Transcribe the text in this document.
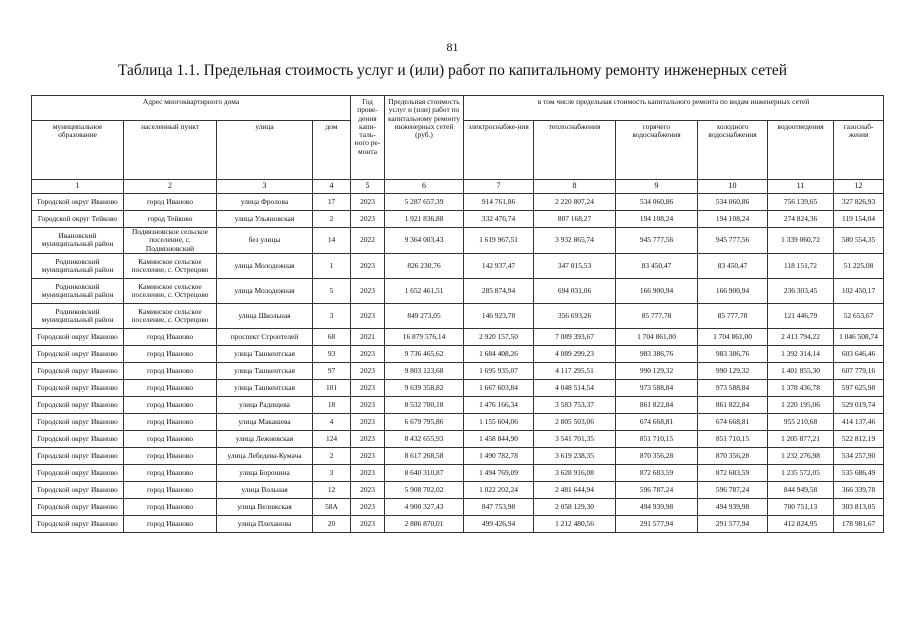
81
Таблица 1.1. Предельная стоимость услуг и (или) работ по капитальному ремонту инженерных сетей
Адрес многоквартирного дома				Год прове-дения капи-таль-ного ре-монта	Предельная стоимость услуг и (или) работ по капитальному ремонту инженерных сетей (руб.)	в том числе предельная стоимость капитального ремонта по видам инженерных сетей					
муниципальное образование	населенный пункт	улица	дом			электроснабже-ния	теплоснабжения	горячего водоснабжения	холодного водоснабжения	водоотведения	газоснаб-жения
1	2	3	4	5	6	7	8	9	10	11	12
Городской округ Иваново	город Иваново	улица Фролова	17	2023	5 287 657,39	914 761,86	2 220 807,24	534 060,86	534 060,86	756 139,65	327 826,93
Городской округ Тейково	город Тейково	улица Ульяновская	2	2023	1 921 836,88	332 476,74	807 168,27	194 108,24	194 108,24	274 824,36	119 154,04
Ивановский муниципальный район	Подвязновское сельское поселение, с. Подвязновский	без улицы	14	2022	9 364 003,43	1 619 967,51	3 932 865,74	945 777,56	945 777,56	1 339 060,72	580 554,35
Родниковский муниципальный район	Каминское сельское поселение, с. Острецово	улица Молодежная	1	2023	826 230,76	142 937,47	347 015,53	83 450,47	83 450,47	118 151,72	51 225,08
Родниковский муниципальный район	Каминское сельское поселение, с. Острецово	улица Молодежная	5	2023	1 652 461,51	285 874,94	694 031,06	166 900,94	166 900,94	236 303,45	102 450,17
Родниковский муниципальный район	Каминское сельское поселение, с. Острецово	улица Школьная	3	2023	849 273,05	146 923,78	356 693,26	85 777,78	85 777,78	121 446,79	52 653,67
Городской округ Иваново	город Иваново	проспект Строителей	68	2021	16 879 576,14	2 920 157,50	7 089 393,67	1 704 861,00	1 704 861,00	2 413 794,22	1 046 508,74
Городской округ Иваново	город Иваново	улица Ташкентская	93	2023	9 736 465,62	1 684 408,26	4 089 299,23	983 386,76	983 386,76	1 392 314,14	603 646,46
Городской округ Иваново	город Иваново	улица Ташкентская	97	2023	9 803 123,68	1 695 935,07	4 117 295,51	990 129,32	990 129,32	1 401 855,30	607 779,16
Городской округ Иваново	город Иваново	улица Ташкентская	101	2023	9 639 358,82	1 667 603,84	4 048 514,54	973 588,84	973 588,84	1 378 436,78	597 625,98
Городской округ Иваново	город Иваново	улица Радищева	18	2023	8 532 780,18	1 476 166,34	3 583 753,37	861 822,84	861 822,84	1 220 195,06	529 019,74
Городской округ Иваново	город Иваново	улица Макашева	4	2023	6 679 795,86	1 155 604,06	2 805 503,06	674 668,81	674 668,81	955 210,68	414 137,46
Городской округ Иваново	город Иваново	улица Лежневская	124	2023	8 432 655,93	1 458 844,90	3 541 701,35	851 710,15	851 710,15	1 205 877,21	522 812,19
Городской округ Иваново	город Иваново	улица Лебедева-Кумача	2	2023	8 617 268,58	1 490 782,78	3 619 238,35	870 356,28	870 356,28	1 232 276,98	534 257,90
Городской округ Иваново	город Иваново	улица Боронина	3	2023	8 640 310,87	1 494 769,09	3 628 916,08	872 683,59	872 683,59	1 235 572,05	535 686,49
Городской округ Иваново	город Иваново	улица Вольная	12	2023	5 908 702,02	1 022 202,24	2 481 644,94	596 787,24	596 787,24	844 949,58	366 339,78
Городской округ Иваново	город Иваново	улица Велижская	58А	2023	4 900 327,43	847 753,98	2 058 129,30	494 939,98	494 939,98	700 751,13	303 813,05
Городской округ Иваново	город Иваново	улица Плеханова	20	2023	2 886 870,01	499 426,94	1 212 480,56	291 577,94	291 577,94	412 824,95	178 981,67
